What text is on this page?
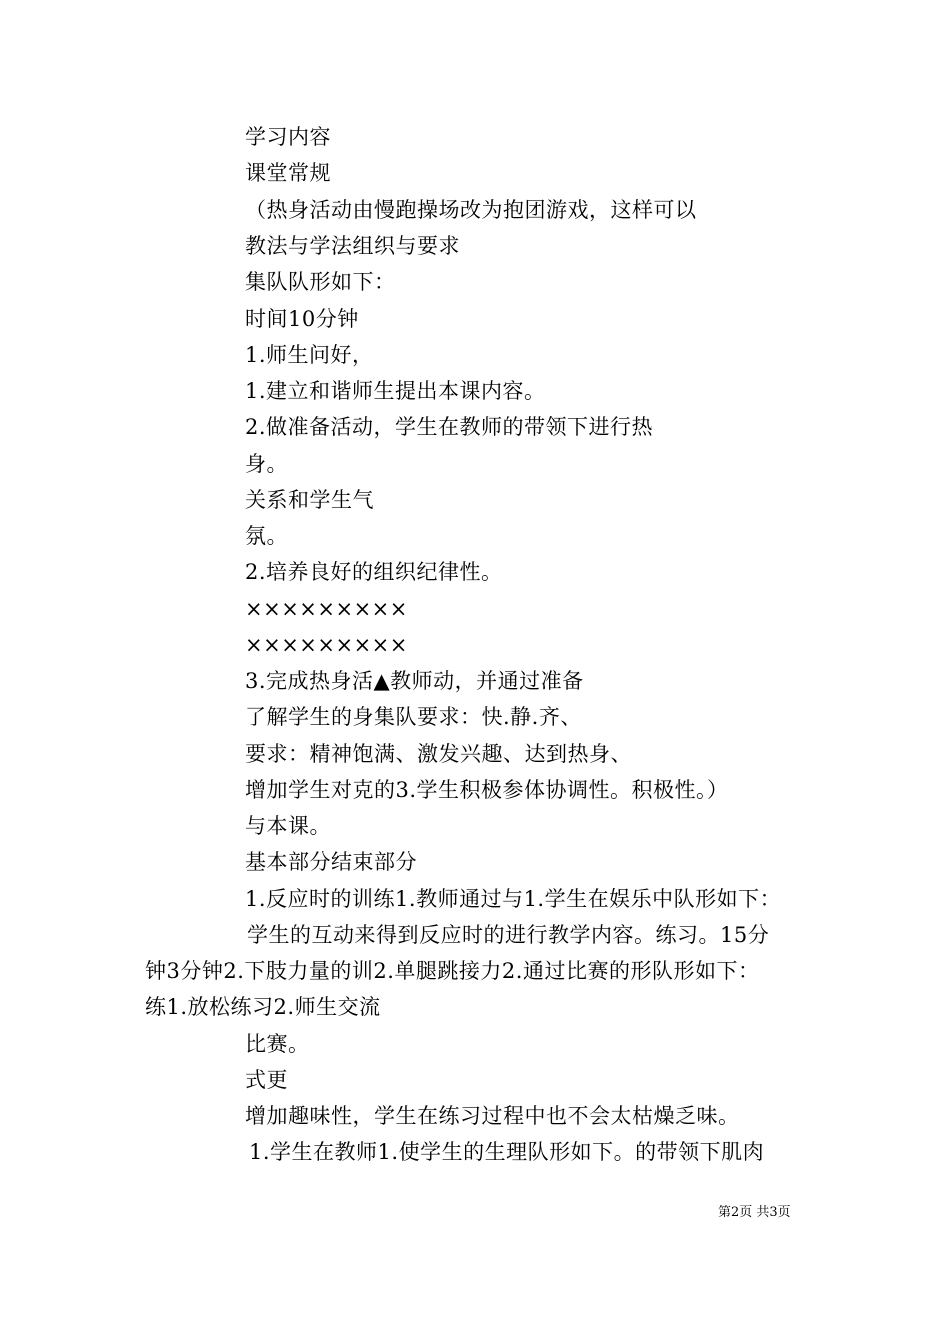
学习内容
课堂常规
（热身活动由慢跑操场改为抱团游戏，这样可以
教法与学法组织与要求
集队队形如下：
时间10分钟
1.师生问好，
1.建立和谐师生提出本课内容。
2.做准备活动，学生在教师的带领下进行热
身。
关系和学生气
氛。
2.培养良好的组织纪律性。
×××××××××
×××××××××
3.完成热身活▲教师动，并通过准备
了解学生的身集队要求：快.静.齐、
要求：精神饱满、激发兴趣、达到热身、
增加学生对克的3.学生积极参体协调性。积极性。）
与本课。
基本部分结束部分
1.反应时的训练1.教师通过与1.学生在娱乐中队形如下：
学生的互动来得到反应时的进行教学内容。练习。15分
钟3分钟2.下肢力量的训2.单腿跳接力2.通过比赛的形队形如下：
练1.放松练习2.师生交流
比赛。
式更
增加趣味性，学生在练习过程中也不会太枯燥乏味。
1.学生在教师1.使学生的生理队形如下。的带领下肌肉
第2页 共3页
